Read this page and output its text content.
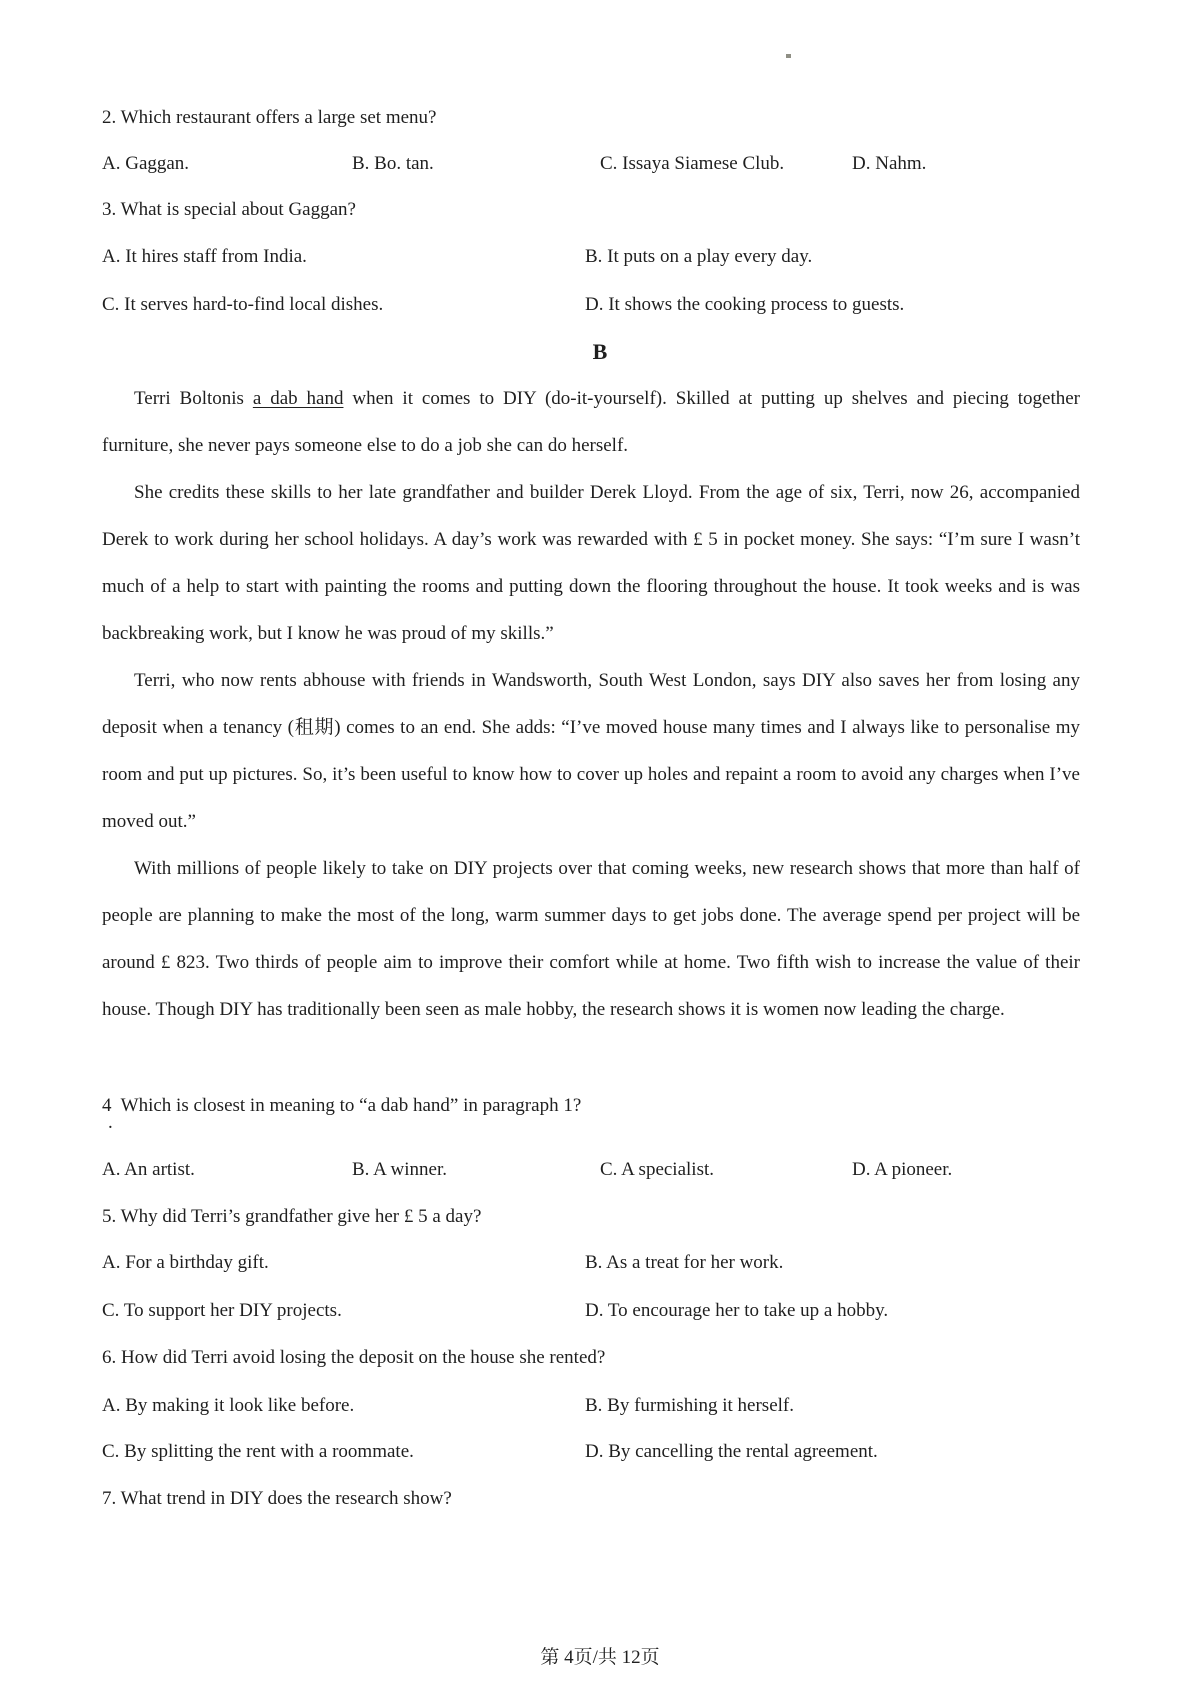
2. Which restaurant offers a large set menu?

A. Gaggan.

	B. Bo. tan.

	C. Issaya Siamese Club.

	D. Nahm.

3. What is special about Gaggan?

A. It hires staff from India.

	B. It puts on a play every day.

C. It serves hard-to-find local dishes.

	D. It shows the cooking process to guests.

B

Terri Boltonis a dab hand when it comes to DIY (do-it-yourself). Skilled at putting up shelves and piecing together furniture, she never pays someone else to do a job she can do herself.

She credits these skills to her late grandfather and builder Derek Lloyd. From the age of six, Terri, now 26, accompanied Derek to work during her school holidays. A day’s work was rewarded with £ 5 in pocket money. She says: “I’m sure I wasn’t much of a help to start with painting the rooms and putting down the flooring throughout the house. It took weeks and is was backbreaking work, but I know he was proud of my skills.”

Terri, who now rents abhouse with friends in Wandsworth, South West London, says DIY also saves her from losing any deposit when a tenancy (租期) comes to an end. She adds: “I’ve moved house many times and I always like to personalise my room and put up pictures. So, it’s been useful to know how to cover up holes and repaint a room to avoid any charges when I’ve moved out.”

With millions of people likely to take on DIY projects over that coming weeks, new research shows that more than half of people are planning to make the most of the long, warm summer days to get jobs done. The average spend per project will be around £ 823. Two thirds of people aim to improve their comfort while at home. Two fifth wish to increase the value of their house. Though DIY has traditionally been seen as male hobby, the research shows it is women now leading the charge.

4  Which is closest in meaning to “a dab hand” in paragraph 1?
.

A. An artist.

	B. A winner.

	C. A specialist.

	D. A pioneer.

5. Why did Terri’s grandfather give her £ 5 a day?

A. For a birthday gift.

	B. As a treat for her work.

C. To support her DIY projects.

	D. To encourage her to take up a hobby.

6. How did Terri avoid losing the deposit on the house she rented?

A. By making it look like before.

	B. By furmishing it herself.

C. By splitting the rent with a roommate.

	D. By cancelling the rental agreement.

7. What trend in DIY does the research show?
第 4页/共 12页
